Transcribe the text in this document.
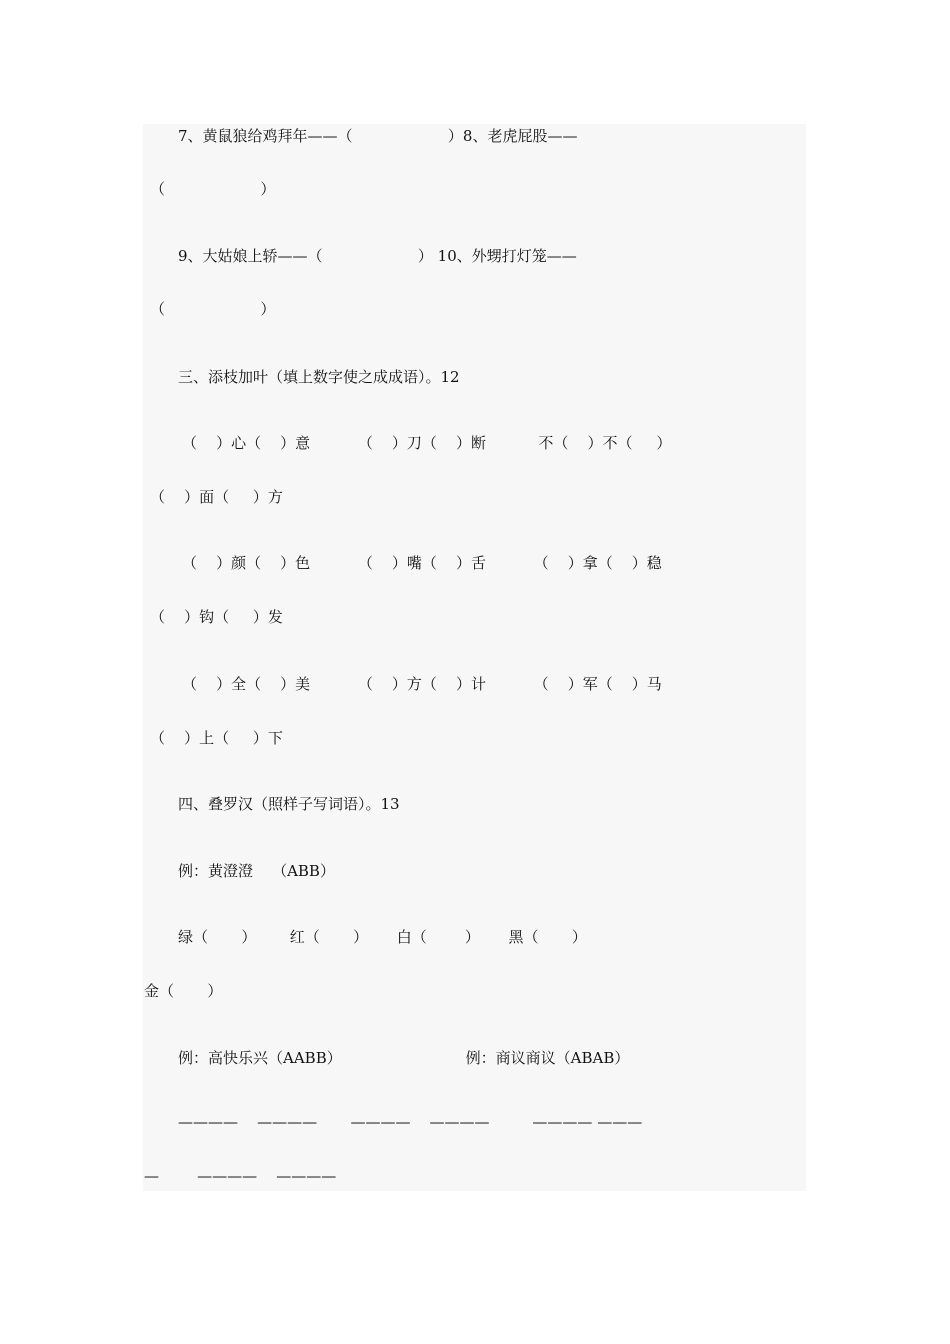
7、黄鼠狼给鸡拜年——（                    ）8、老虎屁股——

（                    ）

9、大姑娘上轿——（                    ） 10、外甥打灯笼——

（                    ）

三、添枝加叶（填上数字使之成成语）。12

（    ）心（    ）意          （    ）刀（    ）断           不（    ）不（     ）

（    ）面（     ）方

（    ）颜（    ）色          （    ）嘴（    ）舌          （    ）拿（    ）稳

（    ）钩（     ）发

（    ）全（    ）美          （    ）方（    ）计          （    ）军（    ）马

（    ）上（     ）下

四、叠罗汉（照样子写词语）。13

例：黄澄澄    （ABB）

绿（       ）       红（       ）      白（        ）      黑（       ）

金（       ）

例：高快乐兴（AABB）                          例：商议商议（ABAB）

————    ————       ————    ————         ———— ———

—        ————    ————
